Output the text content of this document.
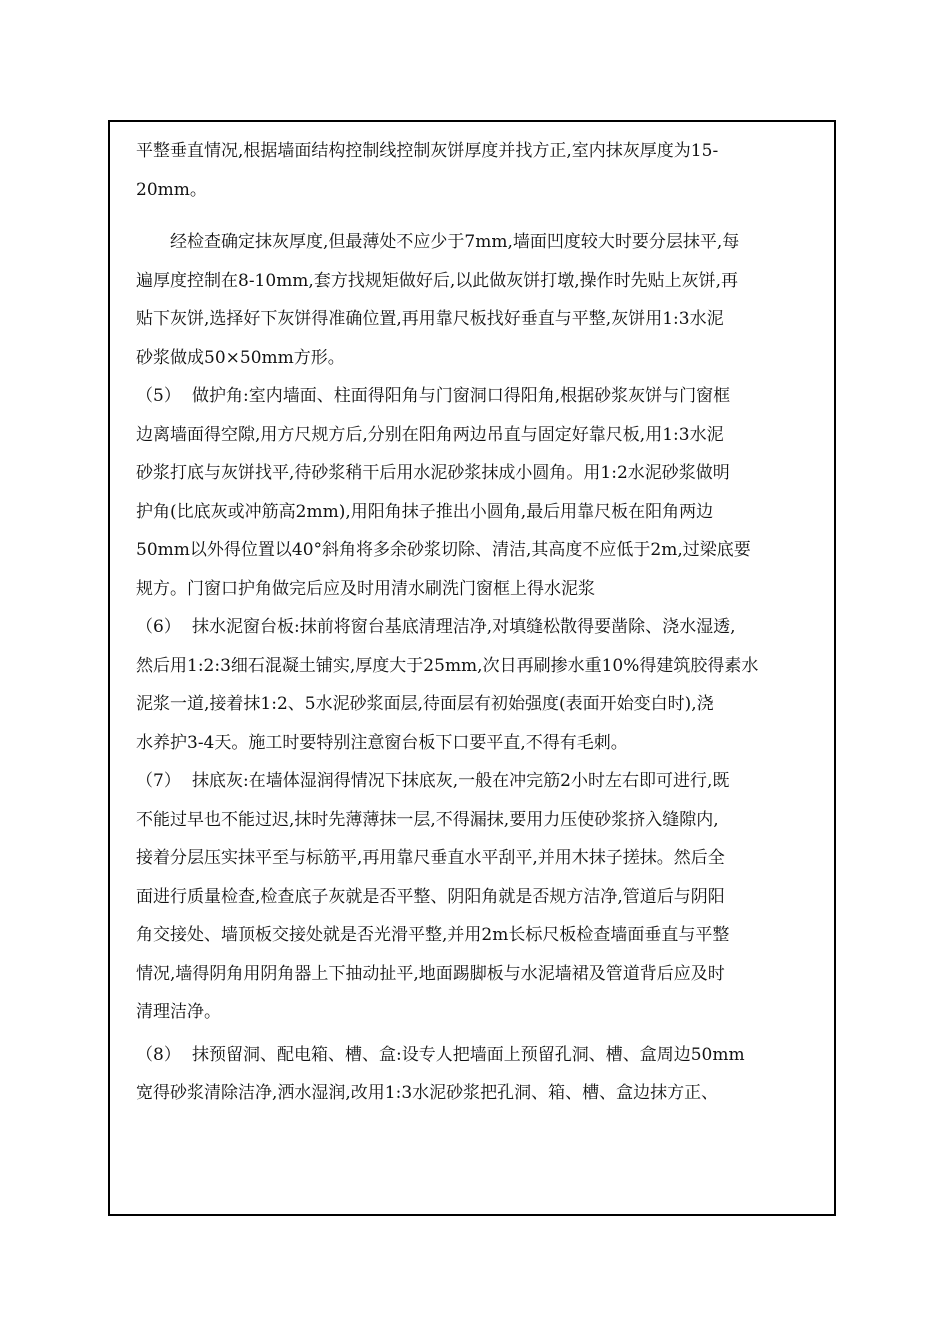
平整垂直情况,根据墙面结构控制线控制灰饼厚度并找方正,室内抹灰厚度为15-
20mm。
　　经检查确定抹灰厚度,但最薄处不应少于7mm,墙面凹度较大时要分层抹平,每
遍厚度控制在8-10mm,套方找规矩做好后,以此做灰饼打墩,操作时先贴上灰饼,再
贴下灰饼,选择好下灰饼得准确位置,再用靠尺板找好垂直与平整,灰饼用1:3水泥
砂浆做成50×50mm方形。
（5） 做护角:室内墙面、柱面得阳角与门窗洞口得阳角,根据砂浆灰饼与门窗框
边离墙面得空隙,用方尺规方后,分别在阳角两边吊直与固定好靠尺板,用1:3水泥
砂浆打底与灰饼找平,待砂浆稍干后用水泥砂浆抹成小圆角。用1:2水泥砂浆做明
护角(比底灰或冲筋高2mm),用阳角抹子推出小圆角,最后用靠尺板在阳角两边
50mm以外得位置以40°斜角将多余砂浆切除、清洁,其高度不应低于2m,过梁底要
规方。门窗口护角做完后应及时用清水刷洗门窗框上得水泥浆
（6） 抹水泥窗台板:抹前将窗台基底清理洁净,对填缝松散得要凿除、浇水湿透,
然后用1:2:3细石混凝土铺实,厚度大于25mm,次日再刷掺水重10%得建筑胶得素水
泥浆一道,接着抹1:2、5水泥砂浆面层,待面层有初始强度(表面开始变白时),浇
水养护3-4天。施工时要特别注意窗台板下口要平直,不得有毛刺。
（7） 抹底灰:在墙体湿润得情况下抹底灰,一般在冲完筋2小时左右即可进行,既
不能过早也不能过迟,抹时先薄薄抹一层,不得漏抹,要用力压使砂浆挤入缝隙内,
接着分层压实抹平至与标筋平,再用靠尺垂直水平刮平,并用木抹子搓抹。然后全
面进行质量检查,检查底子灰就是否平整、阴阳角就是否规方洁净,管道后与阴阳
角交接处、墙顶板交接处就是否光滑平整,并用2m长标尺板检查墙面垂直与平整
情况,墙得阴角用阴角器上下抽动扯平,地面踢脚板与水泥墙裙及管道背后应及时
清理洁净。
（8） 抹预留洞、配电箱、槽、盒:设专人把墙面上预留孔洞、槽、盒周边50mm
宽得砂浆清除洁净,洒水湿润,改用1:3水泥砂浆把孔洞、箱、槽、盒边抹方正、
